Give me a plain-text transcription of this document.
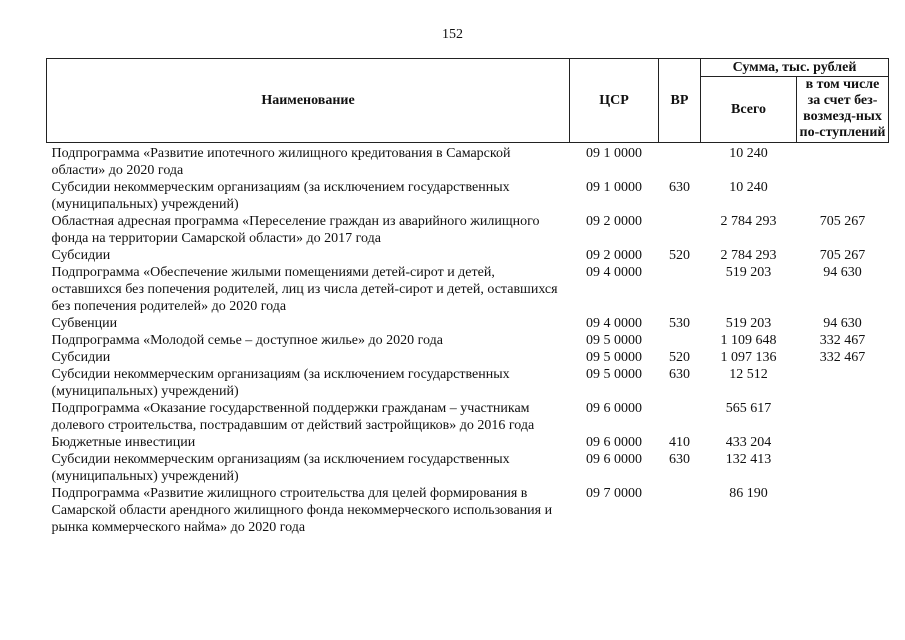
152
Наименование	ЦСР	ВР	Сумма, тыс. рублей	
			Всего	в том числе за счет без-возмезд-ных по-ступлений
Подпрограмма «Развитие ипотечного жилищного кредитования в Самарской области» до 2020 года	09 1 0000		10 240	
Субсидии некоммерческим организациям (за исключением государственных (муниципальных) учреждений)	09 1 0000	630	10 240	
Областная адресная программа «Переселение граждан из аварийного жилищного фонда на территории Самарской области» до 2017 года	09 2 0000		2 784 293	705 267
Субсидии	09 2 0000	520	2 784 293	705 267
Подпрограмма «Обеспечение жилыми помещениями детей-сирот и детей, оставшихся без попечения родителей, лиц из числа детей-сирот и детей, оставшихся без попечения родителей» до 2020 года	09 4 0000		519 203	94 630
Субвенции	09 4 0000	530	519 203	94 630
Подпрограмма «Молодой семье – доступное жилье» до 2020 года	09 5 0000		1 109 648	332 467
Субсидии	09 5 0000	520	1 097 136	332 467
Субсидии некоммерческим организациям (за исключением государственных (муниципальных) учреждений)	09 5 0000	630	12 512	
Подпрограмма «Оказание государственной поддержки гражданам – участникам долевого строительства, пострадавшим от действий застройщиков» до 2016 года	09 6 0000		565 617	
Бюджетные инвестиции	09 6 0000	410	433 204	
Субсидии некоммерческим организациям (за исключением государственных (муниципальных) учреждений)	09 6 0000	630	132 413	
Подпрограмма «Развитие жилищного строительства для целей формирования в Самарской области арендного жилищного фонда некоммерческого использования и рынка коммерческого найма» до 2020 года	09 7 0000		86 190	
